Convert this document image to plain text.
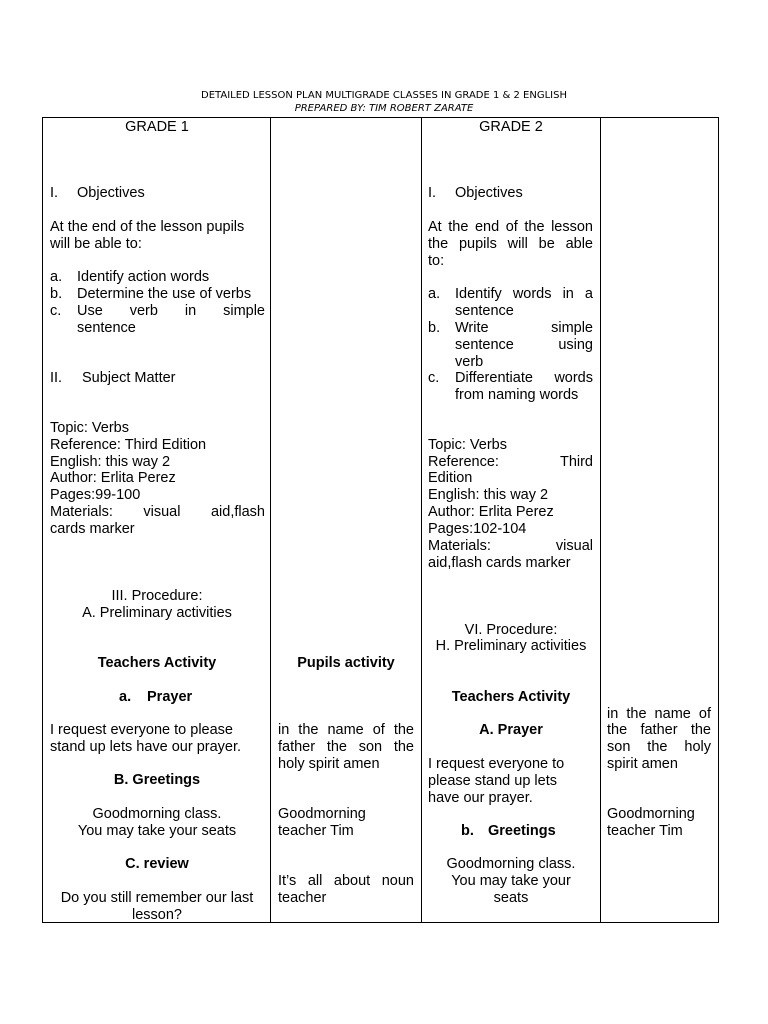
DETAILED LESSON PLAN MULTIGRADE CLASSES IN GRADE 1 & 2 ENGLISH
PREPARED BY: TIM ROBERT ZARATE
GRADE 1
I. Objectives
At the end of the lesson pupils
will be able to:
a. Identify action words
b. Determine the use of verbs
c. Use verb in simple
sentence
II. Subject Matter
Topic: Verbs
Reference: Third Edition
English: this way 2
Author: Erlita Perez
Pages:99-100
Materials: visual aid,flash
cards marker
III. Procedure:
A. Preliminary activities
Teachers Activity
a. Prayer
I request everyone to please
stand up lets have our prayer.
B. Greetings
Goodmorning class.
You may take your seats
C. review
Do you still remember our last
lesson?
Pupils activity
in the name of the
father the son the
holy spirit amen
Goodmorning
teacher Tim
It’s all about noun
teacher
GRADE 2
I. Objectives
At the end of the lesson
the pupils will be able
to:
a. Identify words in a
sentence
b. Write simple
sentence using
verb
c. Differentiate words
from naming words
Topic: Verbs
Reference: Third
Edition
English: this way 2
Author: Erlita Perez
Pages:102-104
Materials: visual
aid,flash cards marker
VI. Procedure:
H. Preliminary activities
Teachers Activity
A. Prayer
I request everyone to
please stand up lets
have our prayer.
b. Greetings
Goodmorning class.
You may take your
seats
in the name of
the father the
son the holy
spirit amen
Goodmorning
teacher Tim
